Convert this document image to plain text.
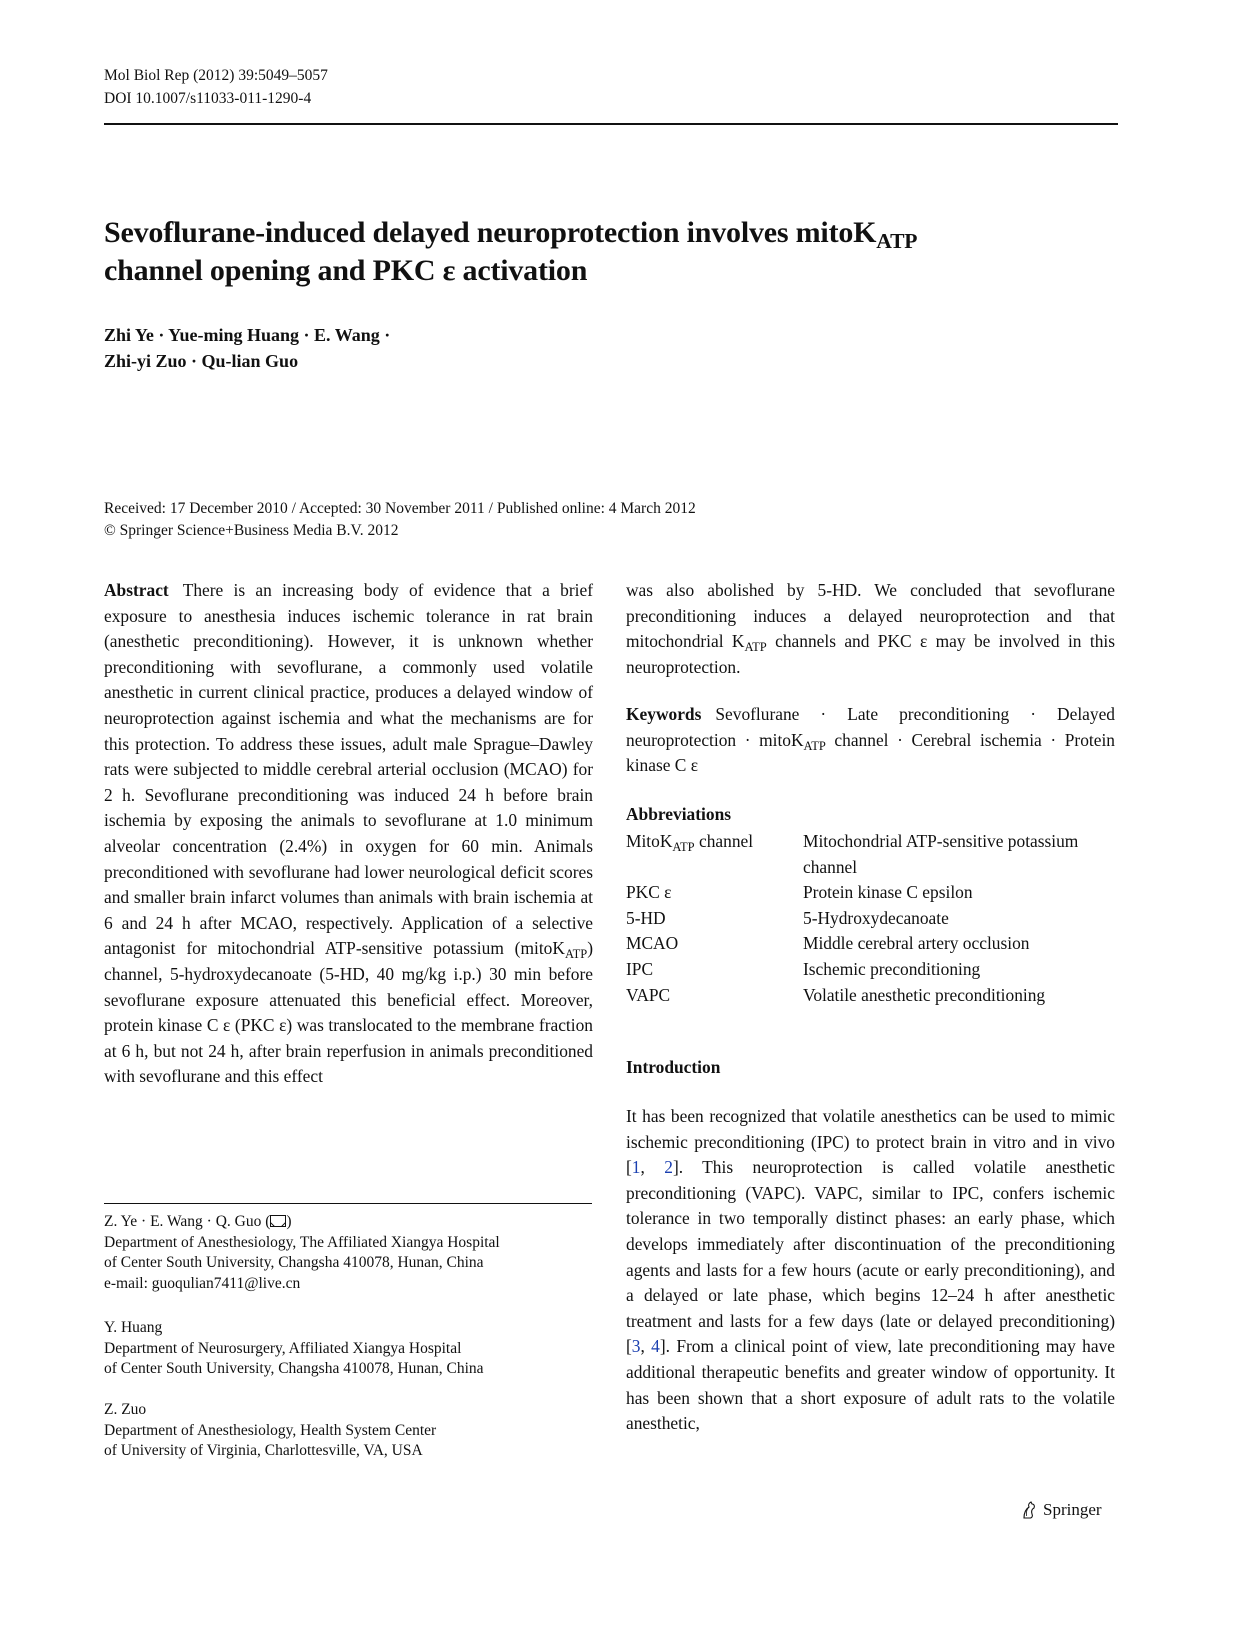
Mol Biol Rep (2012) 39:5049–5057
DOI 10.1007/s11033-011-1290-4
Sevoflurane-induced delayed neuroprotection involves mitoK$_{ATP}$
channel opening and PKC ε activation
Zhi Ye · Yue-ming Huang · E. Wang ·
Zhi-yi Zuo · Qu-lian Guo
Received: 17 December 2010 / Accepted: 30 November 2011 / Published online: 4 March 2012
© Springer Science+Business Media B.V. 2012

Abstract There is an increasing body of evidence that a brief exposure to anesthesia induces ischemic tolerance in rat brain (anesthetic preconditioning). However, it is unknown whether preconditioning with sevoflurane, a commonly used volatile anesthetic in current clinical practice, produces a delayed window of neuroprotection against ischemia and what the mechanisms are for this protection. To address these issues, adult male Sprague–Dawley rats were subjected to middle cerebral arterial occlusion (MCAO) for 2 h. Sevoflurane preconditioning was induced 24 h before brain ischemia by exposing the animals to sevoflurane at 1.0 minimum alveolar concentration (2.4%) in oxygen for 60 min. Animals preconditioned with sevoflurane had lower neurological deficit scores and smaller brain infarct volumes than animals with brain ischemia at 6 and 24 h after MCAO, respectively. Application of a selective antagonist for mitochondrial ATP-sensitive potassium (mitoK$_{ATP}$) channel, 5-hydroxydecanoate (5-HD, 40 mg/kg i.p.) 30 min before sevoflurane exposure attenuated this beneficial effect. Moreover, protein kinase C ε (PKC ε) was translocated to the membrane fraction at 6 h, but not 24 h, after brain reperfusion in animals preconditioned with sevoflurane and this effect

was also abolished by 5-HD. We concluded that sevoflurane preconditioning induces a delayed neuroprotection and that mitochondrial $K_{ATP}$ channels and PKC ε may be involved in this neuroprotection.

Keywords Sevoflurane · Late preconditioning · Delayed neuroprotection · mitoK$_{ATP}$ channel · Cerebral ischemia · Protein kinase C ε

Abbreviations
MitoK$_{ATP}$ channel	Mitochondrial ATP-sensitive potassium channel
PKC ε	Protein kinase C epsilon
5-HD	5-Hydroxydecanoate
MCAO	Middle cerebral artery occlusion
IPC	Ischemic preconditioning
VAPC	Volatile anesthetic preconditioning
Introduction

It has been recognized that volatile anesthetics can be used to mimic ischemic preconditioning (IPC) to protect brain in vitro and in vivo [1, 2]. This neuroprotection is called volatile anesthetic preconditioning (VAPC). VAPC, similar to IPC, confers ischemic tolerance in two temporally distinct phases: an early phase, which develops immediately after discontinuation of the preconditioning agents and lasts for a few hours (acute or early preconditioning), and a delayed or late phase, which begins 12–24 h after anesthetic treatment and lasts for a few days (late or delayed preconditioning) [3, 4]. From a clinical point of view, late preconditioning may have additional therapeutic benefits and greater window of opportunity. It has been shown that a short exposure of adult rats to the volatile anesthetic,

Z. Ye · E. Wang · Q. Guo ( )
Department of Anesthesiology, The Affiliated Xiangya Hospital
of Center South University, Changsha 410078, Hunan, China
e-mail: guoqulian7411@live.cn
Y. Huang
Department of Neurosurgery, Affiliated Xiangya Hospital
of Center South University, Changsha 410078, Hunan, China
Z. Zuo
Department of Anesthesiology, Health System Center
of University of Virginia, Charlottesville, VA, USA
Springer
